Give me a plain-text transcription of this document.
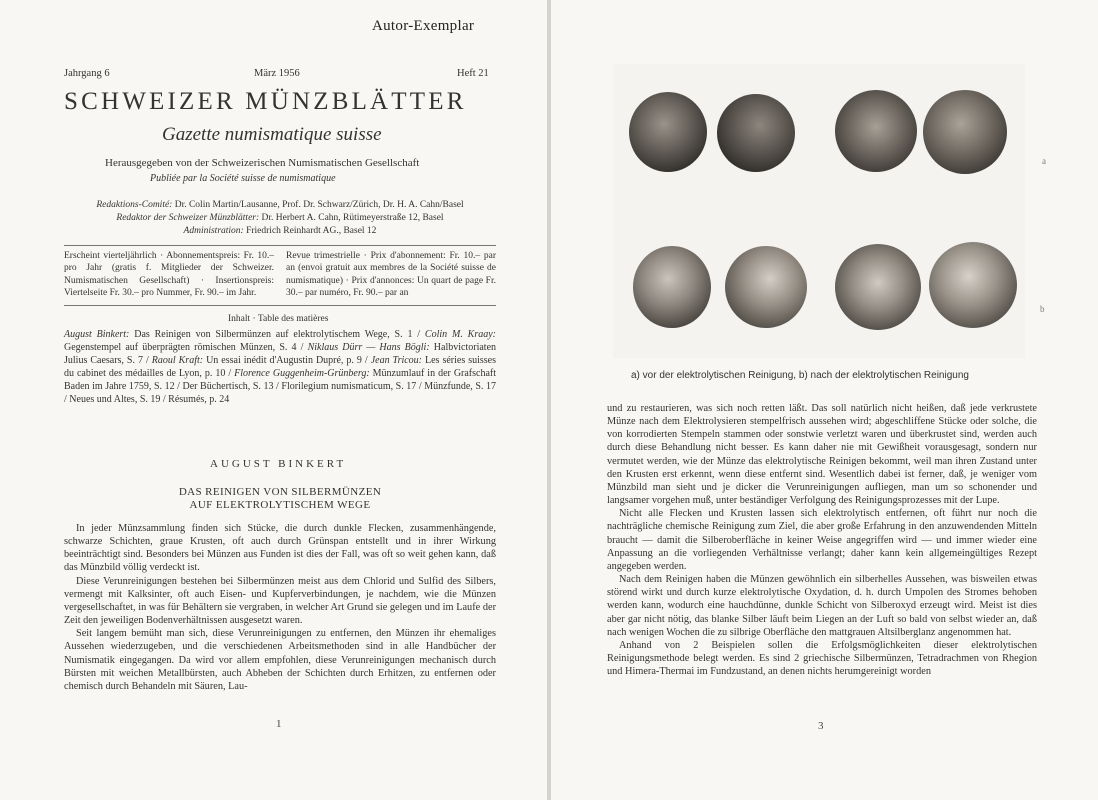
Autor-Exemplar
Jahrgang 6	März 1956	Heft 21
SCHWEIZER MÜNZBLÄTTER
Gazette numismatique suisse
Herausgegeben von der Schweizerischen Numismatischen Gesellschaft
Publiée par la Société suisse de numismatique
Redaktions-Comité: Dr. Colin Martin/Lausanne, Prof. Dr. Schwarz/Zürich, Dr. H. A. Cahn/Basel
Redaktor der Schweizer Münzblätter: Dr. Herbert A. Cahn, Rütimeyerstraße 12, Basel
Administration: Friedrich Reinhardt AG., Basel 12
Erscheint vierteljährlich · Abonnementspreis: Fr. 10.– pro Jahr (gratis f. Mitglieder der Schweizer. Numismatischen Gesellschaft) · Insertionspreis: Viertelseite Fr. 30.– pro Nummer, Fr. 90.– im Jahr.
Revue trimestrielle · Prix d'abonnement: Fr. 10.– par an (envoi gratuit aux membres de la Société suisse de numismatique) · Prix d'annonces: Un quart de page Fr. 30.– par numéro, Fr. 90.– par an
Inhalt · Table des matières
August Binkert: Das Reinigen von Silbermünzen auf elektrolytischem Wege, S. 1 / Colin M. Kraay: Gegenstempel auf überprägten römischen Münzen, S. 4 / Niklaus Dürr — Hans Bögli: Halbvictoriaten Julius Caesars, S. 7 / Raoul Kraft: Un essai inédit d'Augustin Dupré, p. 9 / Jean Tricou: Les séries suisses du cabinet des médailles de Lyon, p. 10 / Florence Guggenheim-Grünberg: Münzumlauf in der Grafschaft Baden im Jahre 1759, S. 12 / Der Büchertisch, S. 13 / Florilegium numismaticum, S. 17 / Münzfunde, S. 17 / Neues und Altes, S. 19 / Résumés, p. 24
AUGUST BINKERT
DAS REINIGEN VON SILBERMÜNZEN
AUF ELEKTROLYTISCHEM WEGE

In jeder Münzsammlung finden sich Stücke, die durch dunkle Flecken, zusammenhängende, schwarze Schichten, graue Krusten, oft auch durch Grünspan entstellt und in ihrer Wirkung beeinträchtigt sind. Besonders bei Münzen aus Funden ist dies der Fall, was oft so weit gehen kann, daß das Münzbild völlig verdeckt ist.

Diese Verunreinigungen bestehen bei Silbermünzen meist aus dem Chlorid und Sulfid des Silbers, vermengt mit Kalksinter, oft auch Eisen- und Kupferverbindungen, je nachdem, wie die Münzen vergesellschaftet, in was für Behältern sie vergraben, in welcher Art Grund sie gelegen und im Laufe der Zeit den jeweiligen Bodenverhältnissen ausgesetzt waren.

Seit langem bemüht man sich, diese Verunreinigungen zu entfernen, den Münzen ihr ehemaliges Aussehen wiederzugeben, und die verschiedenen Arbeitsmethoden sind in alle Handbücher der Numismatik eingegangen. Da wird vor allem empfohlen, diese Verunreinigungen mechanisch durch Bürsten mit weichen Metallbürsten, auch Abheben der Schichten durch Erhitzen, zu entfernen oder chemisch durch Behandeln mit Säuren, Lau-

1
a
b
a) vor der elektrolytischen Reinigung, b) nach der elektrolytischen Reinigung

und zu restaurieren, was sich noch retten läßt. Das soll natürlich nicht heißen, daß jede verkrustete Münze nach dem Elektrolysieren stempelfrisch aussehen wird; abgeschliffene Stücke oder solche, die von korrodierten Stempeln stammen oder sonstwie verletzt waren und überkrustet sind, werden auch durch diese Behandlung nicht besser. Es kann daher nie mit Gewißheit vorausgesagt, sondern nur vermutet werden, wie der Münze das elektrolytische Reinigen bekommt, weil man ihren Zustand unter den Krusten erst erkennt, wenn diese entfernt sind. Wesentlich dabei ist ferner, daß, je weniger vom Münzbild man sieht und je dicker die Verunreinigungen aufliegen, man um so schonender und langsamer vorgehen muß, unter beständiger Verfolgung des Reinigungsprozesses mit der Lupe.

Nicht alle Flecken und Krusten lassen sich elektrolytisch entfernen, oft führt nur noch die nachträgliche chemische Reinigung zum Ziel, die aber große Erfahrung in den anzuwendenden Mitteln braucht — damit die Silberoberfläche in keiner Weise angegriffen wird — und immer wieder eine Anpassung an die vorliegenden Verhältnisse verlangt; daher kann kein allgemeingültiges Rezept angegeben werden.

Nach dem Reinigen haben die Münzen gewöhnlich ein silberhelles Aussehen, was bisweilen etwas störend wirkt und durch kurze elektrolytische Oxydation, d. h. durch Umpolen des Stromes behoben werden kann, wodurch eine hauchdünne, dunkle Schicht von Silberoxyd erzeugt wird. Meist ist dies aber gar nicht nötig, das blanke Silber läuft beim Liegen an der Luft so bald von selbst wieder an, daß nach wenigen Wochen die zu silbrige Oberfläche den mattgrauen Altsilberglanz angenommen hat.

Anhand von 2 Beispielen sollen die Erfolgsmöglichkeiten dieser elektrolytischen Reinigungsmethode belegt werden. Es sind 2 griechische Silbermünzen, Tetradrachmen von Rhegion und Himera-Thermai im Fundzustand, an denen nichts herumgereinigt worden

3
